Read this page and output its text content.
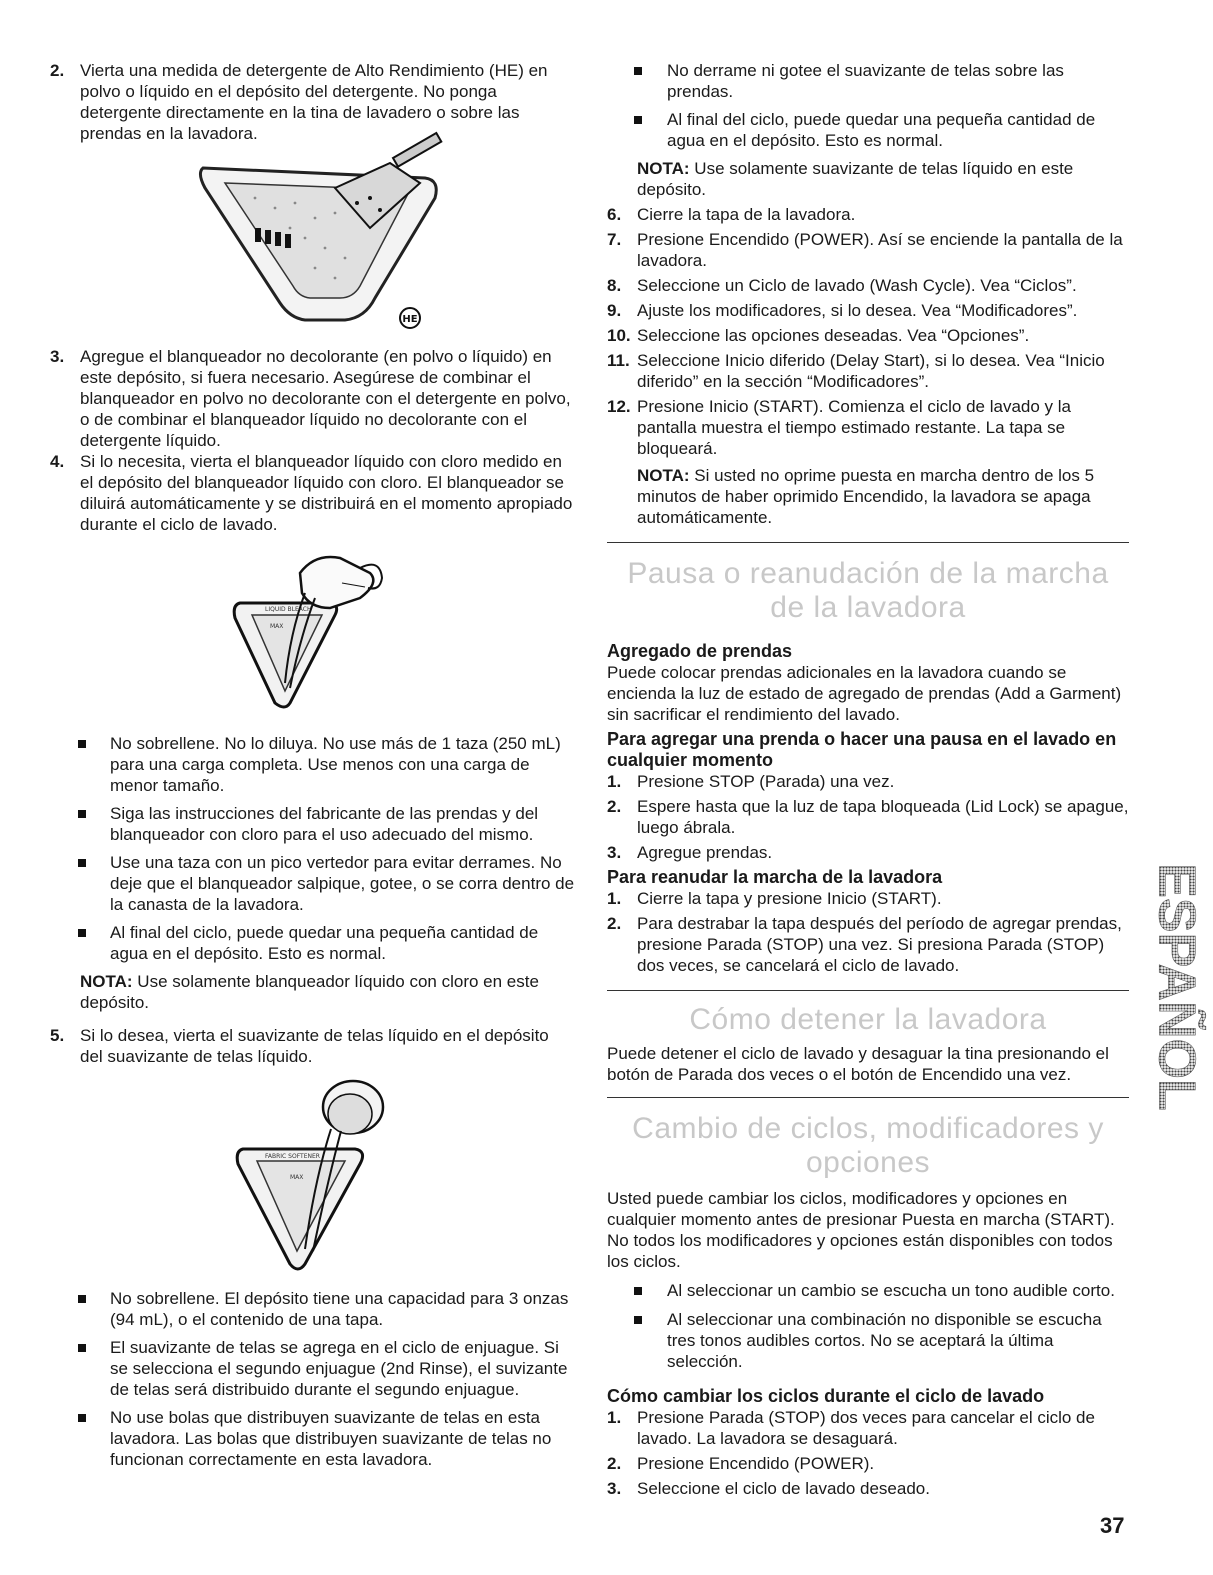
2. Vierta una medida de detergente de Alto Rendimiento (HE) en polvo o líquido en el depósito del detergente. No ponga detergente directamente en la tina de lavadero o sobre las prendas en la lavadora.
HE
3. Agregue el blanqueador no decolorante (en polvo o líquido) en este depósito, si fuera necesario. Asegúrese de combinar el blanqueador en polvo no decolorante con el detergente en polvo, o de combinar el blanqueador líquido no decolorante con el detergente líquido.
4. Si lo necesita, vierta el blanqueador líquido con cloro medido en el depósito del blanqueador líquido con cloro. El blanqueador se diluirá automáticamente y se distribuirá en el momento apropiado durante el ciclo de lavado.
LIQUID BLEACH
MAX
No sobrellene. No lo diluya. No use más de 1 taza (250 mL) para una carga completa. Use menos con una carga de menor tamaño.
Siga las instrucciones del fabricante de las prendas y del blanqueador con cloro para el uso adecuado del mismo.
Use una taza con un pico vertedor para evitar derrames. No deje que el blanqueador salpique, gotee, o se corra dentro de la canasta de la lavadora.
Al final del ciclo, puede quedar una pequeña cantidad de agua en el depósito. Esto es normal.
NOTA: Use solamente blanqueador líquido con cloro en este depósito.
5. Si lo desea, vierta el suavizante de telas líquido en el depósito del suavizante de telas líquido.
FABRIC SOFTENER
MAX
No sobrellene. El depósito tiene una capacidad para 3 onzas (94 mL), o el contenido de una tapa.
El suavizante de telas se agrega en el ciclo de enjuague. Si se selecciona el segundo enjuague (2nd Rinse), el suvizante de telas será distribuido durante el segundo enjuague.
No use bolas que distribuyen suavizante de telas en esta lavadora. Las bolas que distribuyen suavizante de telas no funcionan correctamente en esta lavadora.
No derrame ni gotee el suavizante de telas sobre las prendas.
Al final del ciclo, puede quedar una pequeña cantidad de agua en el depósito. Esto es normal.
NOTA: Use solamente suavizante de telas líquido en este depósito.
6. Cierre la tapa de la lavadora.
7. Presione Encendido (POWER). Así se enciende la pantalla de la lavadora.
8. Seleccione un Ciclo de lavado (Wash Cycle). Vea “Ciclos”.
9. Ajuste los modificadores, si lo desea. Vea “Modificadores”.
10. Seleccione las opciones deseadas. Vea “Opciones”.
11. Seleccione Inicio diferido (Delay Start), si lo desea. Vea “Inicio diferido” en la sección “Modificadores”.
12. Presione Inicio (START). Comienza el ciclo de lavado y la pantalla muestra el tiempo estimado restante. La tapa se bloqueará.
NOTA: Si usted no oprime puesta en marcha dentro de los 5 minutos de haber oprimido Encendido, la lavadora se apaga automáticamente.
Pausa o reanudación de la marcha de la lavadora
Agregado de prendas
Puede colocar prendas adicionales en la lavadora cuando se encienda la luz de estado de agregado de prendas (Add a Garment) sin sacrificar el rendimiento del lavado.
Para agregar una prenda o hacer una pausa en el lavado en cualquier momento
1. Presione STOP (Parada) una vez.
2. Espere hasta que la luz de tapa bloqueada (Lid Lock) se apague, luego ábrala.
3. Agregue prendas.
Para reanudar la marcha de la lavadora
1. Cierre la tapa y presione Inicio (START).
2. Para destrabar la tapa después del período de agregar prendas, presione Parada (STOP) una vez. Si presiona Parada (STOP) dos veces, se cancelará el ciclo de lavado.
Cómo detener la lavadora
Puede detener el ciclo de lavado y desaguar la tina presionando el botón de Parada dos veces o el botón de Encendido una vez.
Cambio de ciclos, modificadores y opciones
Usted puede cambiar los ciclos, modificadores y opciones en cualquier momento antes de presionar Puesta en marcha (START). No todos los modificadores y opciones están disponibles con todos los ciclos.
Al seleccionar un cambio se escucha un tono audible corto.
Al seleccionar una combinación no disponible se escucha tres tonos audibles cortos. No se aceptará la última selección.
Cómo cambiar los ciclos durante el ciclo de lavado
1. Presione Parada (STOP) dos veces para cancelar el ciclo de lavado. La lavadora se desaguará.
2. Presione Encendido (POWER).
3. Seleccione el ciclo de lavado deseado.
ESPAÑOL
37
